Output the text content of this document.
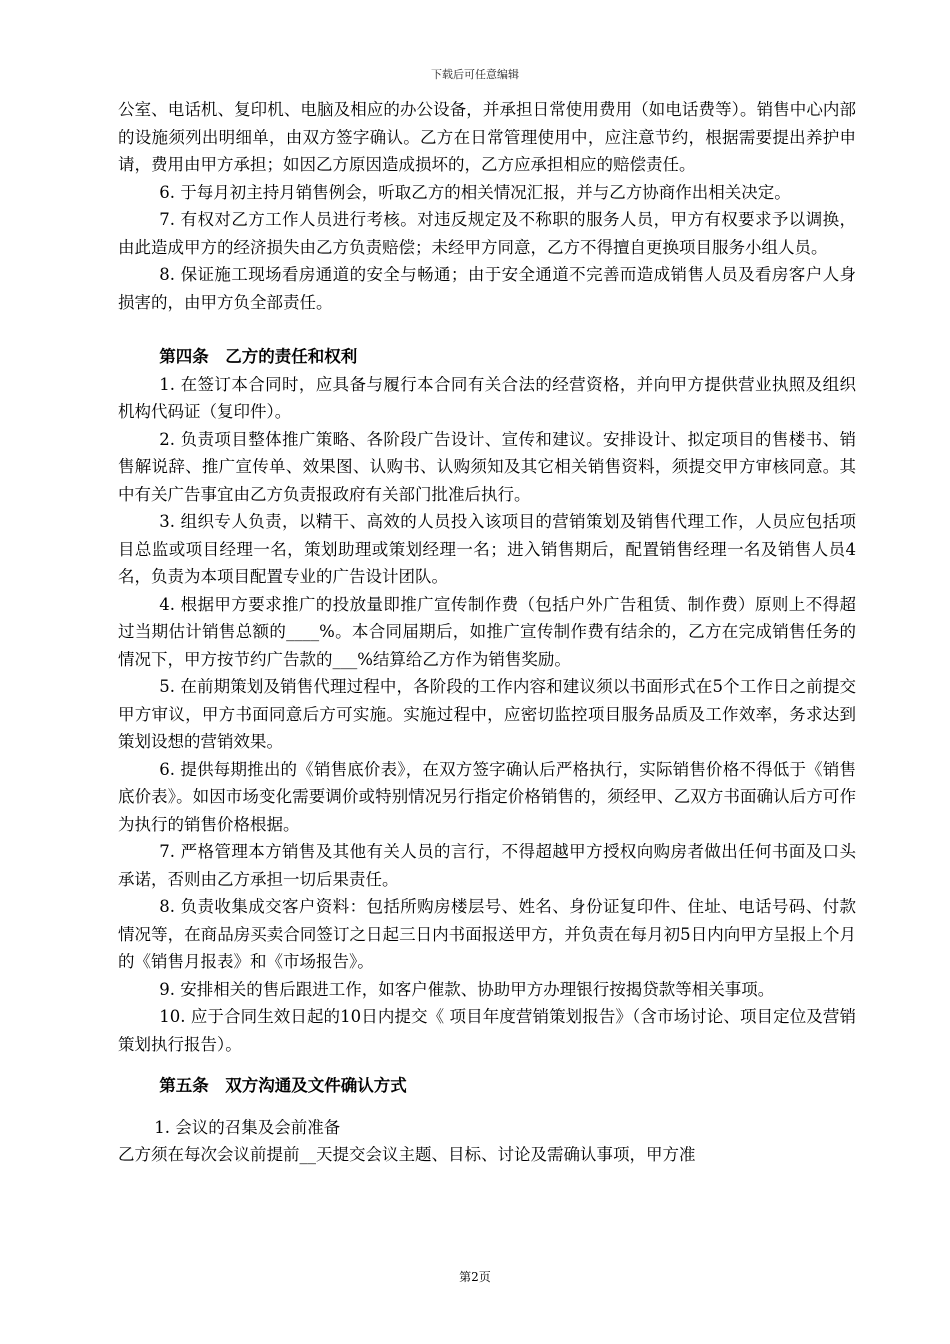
下载后可任意编辑

公室、电话机、复印机、电脑及相应的办公设备，并承担日常使用费用（如电话费等）。销售中心内部的设施须列出明细单，由双方签字确认。乙方在日常管理使用中，应注意节约，根据需要提出养护申请，费用由甲方承担；如因乙方原因造成损坏的，乙方应承担相应的赔偿责任。

6. 于每月初主持月销售例会，听取乙方的相关情况汇报，并与乙方协商作出相关决定。

7. 有权对乙方工作人员进行考核。对违反规定及不称职的服务人员，甲方有权要求予以调换，由此造成甲方的经济损失由乙方负责赔偿；未经甲方同意，乙方不得擅自更换项目服务小组人员。

8. 保证施工现场看房通道的安全与畅通；由于安全通道不完善而造成销售人员及看房客户人身损害的，由甲方负全部责任。

第四条　乙方的责任和权利

1. 在签订本合同时，应具备与履行本合同有关合法的经营资格，并向甲方提供营业执照及组织机构代码证（复印件）。

2. 负责项目整体推广策略、各阶段广告设计、宣传和建议。安排设计、拟定项目的售楼书、销售解说辞、推广宣传单、效果图、认购书、认购须知及其它相关销售资料，须提交甲方审核同意。其中有关广告事宜由乙方负责报政府有关部门批准后执行。

3. 组织专人负责，以精干、高效的人员投入该项目的营销策划及销售代理工作，人员应包括项目总监或项目经理一名，策划助理或策划经理一名；进入销售期后，配置销售经理一名及销售人员4名，负责为本项目配置专业的广告设计团队。

4. 根据甲方要求推广的投放量即推广宣传制作费（包括户外广告租赁、制作费）原则上不得超过当期估计销售总额的____%。本合同届期后，如推广宣传制作费有结余的，乙方在完成销售任务的情况下，甲方按节约广告款的___%结算给乙方作为销售奖励。

5. 在前期策划及销售代理过程中，各阶段的工作内容和建议须以书面形式在5个工作日之前提交甲方审议，甲方书面同意后方可实施。实施过程中，应密切监控项目服务品质及工作效率，务求达到策划设想的营销效果。

6. 提供每期推出的《销售底价表》，在双方签字确认后严格执行，实际销售价格不得低于《销售底价表》。如因市场变化需要调价或特别情况另行指定价格销售的，须经甲、乙双方书面确认后方可作为执行的销售价格根据。

7. 严格管理本方销售及其他有关人员的言行，不得超越甲方授权向购房者做出任何书面及口头承诺，否则由乙方承担一切后果责任。

8. 负责收集成交客户资料：包括所购房楼层号、姓名、身份证复印件、住址、电话号码、付款情况等，在商品房买卖合同签订之日起三日内书面报送甲方，并负责在每月初5日内向甲方呈报上个月的《销售月报表》和《市场报告》。

9. 安排相关的售后跟进工作，如客户催款、协助甲方办理银行按揭贷款等相关事项。

10. 应于合同生效日起的10日内提交《 项目年度营销策划报告》（含市场讨论、项目定位及营销策划执行报告）。

第五条　双方沟通及文件确认方式

1. 会议的召集及会前准备

乙方须在每次会议前提前__天提交会议主题、目标、讨论及需确认事项，甲方准

第2页
